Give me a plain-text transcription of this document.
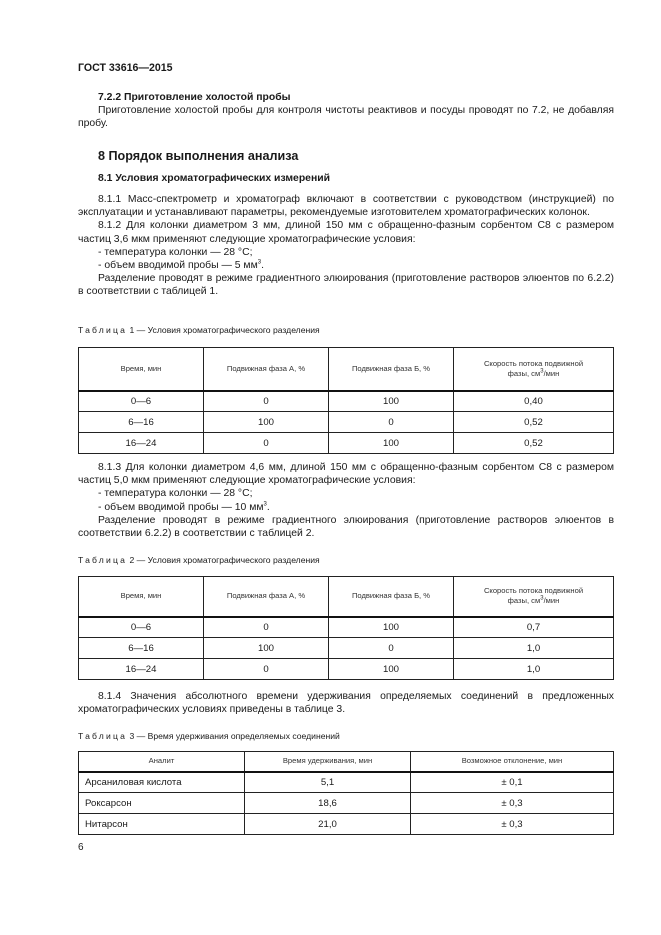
ГОСТ 33616—2015
7.2.2 Приготовление холостой пробы
Приготовление холостой пробы для контроля чистоты реактивов и посуды проводят по 7.2, не добавляя пробу.
8 Порядок выполнения анализа
8.1 Условия хроматографических измерений
8.1.1 Масс-спектрометр и хроматограф включают в соответствии с руководством (инструкцией) по эксплуатации и устанавливают параметры, рекомендуемые изготовителем хроматографических колонок.
8.1.2 Для колонки диаметром 3 мм, длиной 150 мм с обращенно-фазным сорбентом С8 с размером частиц 3,6 мкм применяют следующие хроматографические условия:
- температура колонки — 28 °С;
- объем вводимой пробы — 5 $мм^3$.
Разделение проводят в режиме градиентного элюирования (приготовление растворов элюентов по 6.2.2) в соответствии с таблицей 1.
Таблица 1 — Условия хроматографического разделения
Время, мин	Подвижная фаза А, %	Подвижная фаза Б, %	Скорость потока подвижной фазы, $см^3$/мин
0—6	0	100	0,40
6—16	100	0	0,52
16—24	0	100	0,52
8.1.3 Для колонки диаметром 4,6 мм, длиной 150 мм с обращенно-фазным сорбентом С8 с размером частиц 5,0 мкм применяют следующие хроматографические условия:
- температура колонки — 28 °С;
- объем вводимой пробы — 10 $мм^3$.
Разделение проводят в режиме градиентного элюирования (приготовление растворов элюентов в соответствии 6.2.2) в соответствии с таблицей 2.
Таблица 2 — Условия хроматографического разделения
Время, мин	Подвижная фаза А, %	Подвижная фаза Б, %	Скорость потока подвижной фазы, $см^3$/мин
0—6	0	100	0,7
6—16	100	0	1,0
16—24	0	100	1,0
8.1.4 Значения абсолютного времени удерживания определяемых соединений в предложенных хроматографических условиях приведены в таблице 3.
Таблица 3 — Время удерживания определяемых соединений
Аналит	Время удерживания, мин	Возможное отклонение, мин
Арсаниловая кислота	5,1	± 0,1
Роксарсон	18,6	± 0,3
Нитарсон	21,0	± 0,3
6
